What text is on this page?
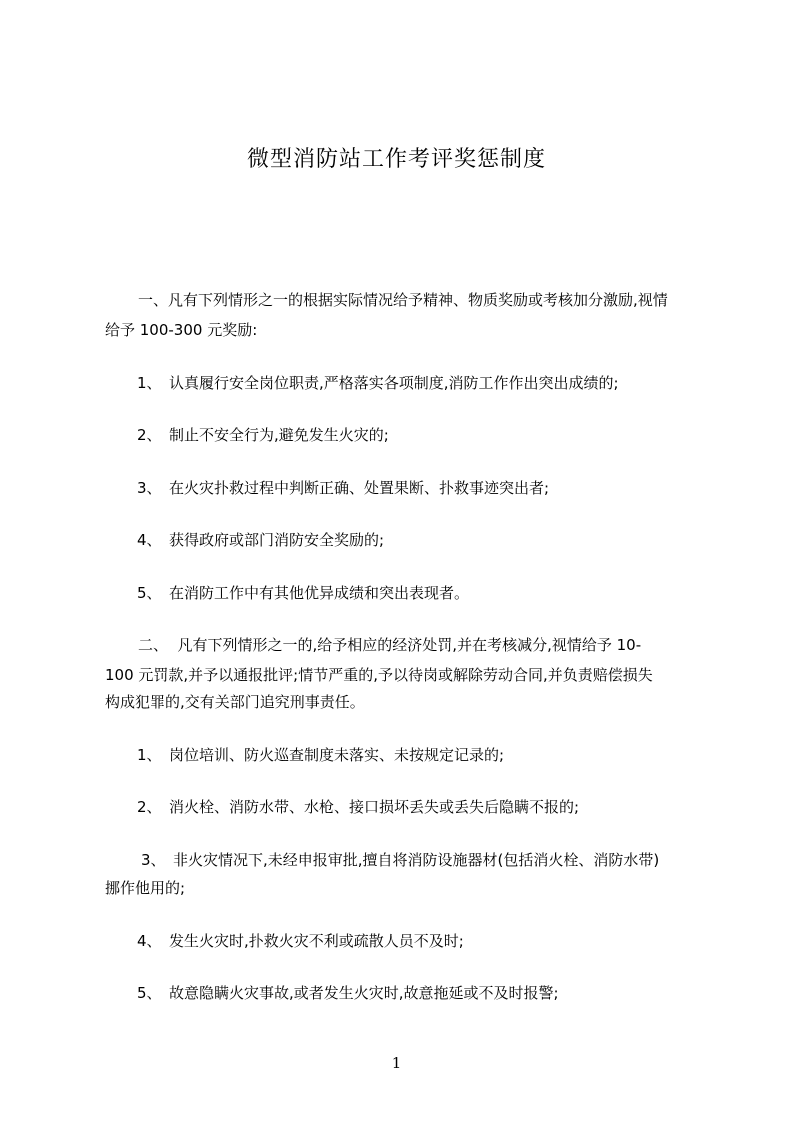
微型消防站工作考评奖惩制度
一、凡有下列情形之一的根据实际情况给予精神、物质奖励或考核加分激励,视情
给予 100-300 元奖励:
1、 认真履行安全岗位职责,严格落实各项制度,消防工作作出突出成绩的;
2、 制止不安全行为,避免发生火灾的;
3、 在火灾扑救过程中判断正确、处置果断、扑救事迹突出者;
4、 获得政府或部门消防安全奖励的;
5、 在消防工作中有其他优异成绩和突出表现者。
二、  凡有下列情形之一的,给予相应的经济处罚,并在考核减分,视情给予 10-
100 元罚款,并予以通报批评;情节严重的,予以待岗或解除劳动合同,并负责赔偿损失
构成犯罪的,交有关部门追究刑事责任。
1、 岗位培训、防火巡查制度未落实、未按规定记录的;
2、 消火栓、消防水带、水枪、接口损坏丢失或丢失后隐瞒不报的;
3、 非火灾情况下,未经申报审批,擅自将消防设施器材(包括消火栓、消防水带)
挪作他用的;
4、 发生火灾时,扑救火灾不利或疏散人员不及时;
5、 故意隐瞒火灾事故,或者发生火灾时,故意拖延或不及时报警;
1
